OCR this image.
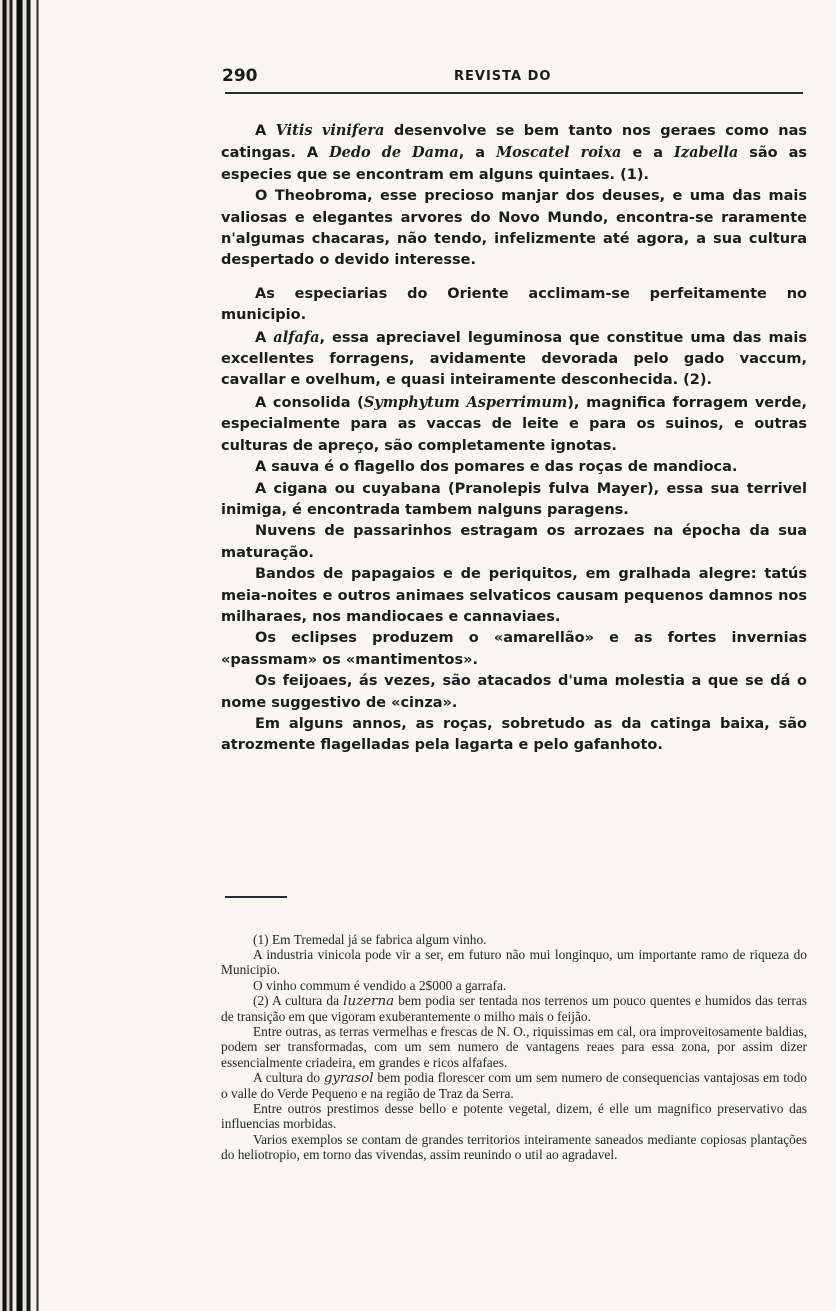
290	REVISTA DO

A Vitis vinifera desenvolve se bem tanto nos geraes como nas catingas. A Dedo de Dama, a Moscatel roixa e a Izabella são as especies que se encontram em alguns quintaes. (1).

O Theobroma, esse precioso manjar dos deuses, e uma das mais valiosas e elegantes arvores do Novo Mundo, encontra-se raramente n'algumas chacaras, não tendo, infelizmente até agora, a sua cultura despertado o devido interesse.

As especiarias do Oriente acclimam-se perfeitamente no municipio.

A alfafa, essa apreciavel leguminosa que constitue uma das mais excellentes forragens, avidamente devorada pelo gado vaccum, cavallar e ovelhum, e quasi inteiramente desconhecida. (2).

A consolida (Symphytum Asperrimum), magnifica forragem verde, especialmente para as vaccas de leite e para os suinos, e outras culturas de apreço, são completamente ignotas.

A sauva é o flagello dos pomares e das roças de mandioca.

A cigana ou cuyabana (Pranolepis fulva Mayer), essa sua terrivel inimiga, é encontrada tambem nalguns paragens.

Nuvens de passarinhos estragam os arrozaes na épocha da sua maturação.

Bandos de papagaios e de periquitos, em gralhada alegre: tatús meia-noites e outros animaes selvaticos causam pequenos damnos nos milharaes, nos mandiocaes e cannaviaes.

Os eclipses produzem o «amarellão» e as fortes invernias «passmam» os «mantimentos».

Os feijoaes, ás vezes, são atacados d'uma molestia a que se dá o nome suggestivo de «cinza».

Em alguns annos, as roças, sobretudo as da catinga baixa, são atrozmente flagelladas pela lagarta e pelo gafanhoto.

(1) Em Tremedal já se fabrica algum vinho.

A industria vinicola pode vir a ser, em futuro não mui longinquo, um importante ramo de riqueza do Municipio.

O vinho commum é vendido a 2$000 a garrafa.

(2) A cultura da luzerna bem podia ser tentada nos terrenos um pouco quentes e humidos das terras de transição em que vigoram exuberantemente o milho mais o feijão.

Entre outras, as terras vermelhas e frescas de N. O., riquissimas em cal, ora improveitosamente baldias, podem ser transformadas, com um sem numero de vantagens reaes para essa zona, por assim dizer essencialmente criadeira, em grandes e ricos alfafaes.

A cultura do gyrasol bem podia florescer com um sem numero de consequencias vantajosas em todo o valle do Verde Pequeno e na região de Traz da Serra.

Entre outros prestimos desse bello e potente vegetal, dizem, é elle um magnifico preservativo das influencias morbidas.

Varios exemplos se contam de grandes territorios inteiramente saneados mediante copiosas plantações do heliotropio, em torno das vivendas, assim reunindo o util ao agradavel.
